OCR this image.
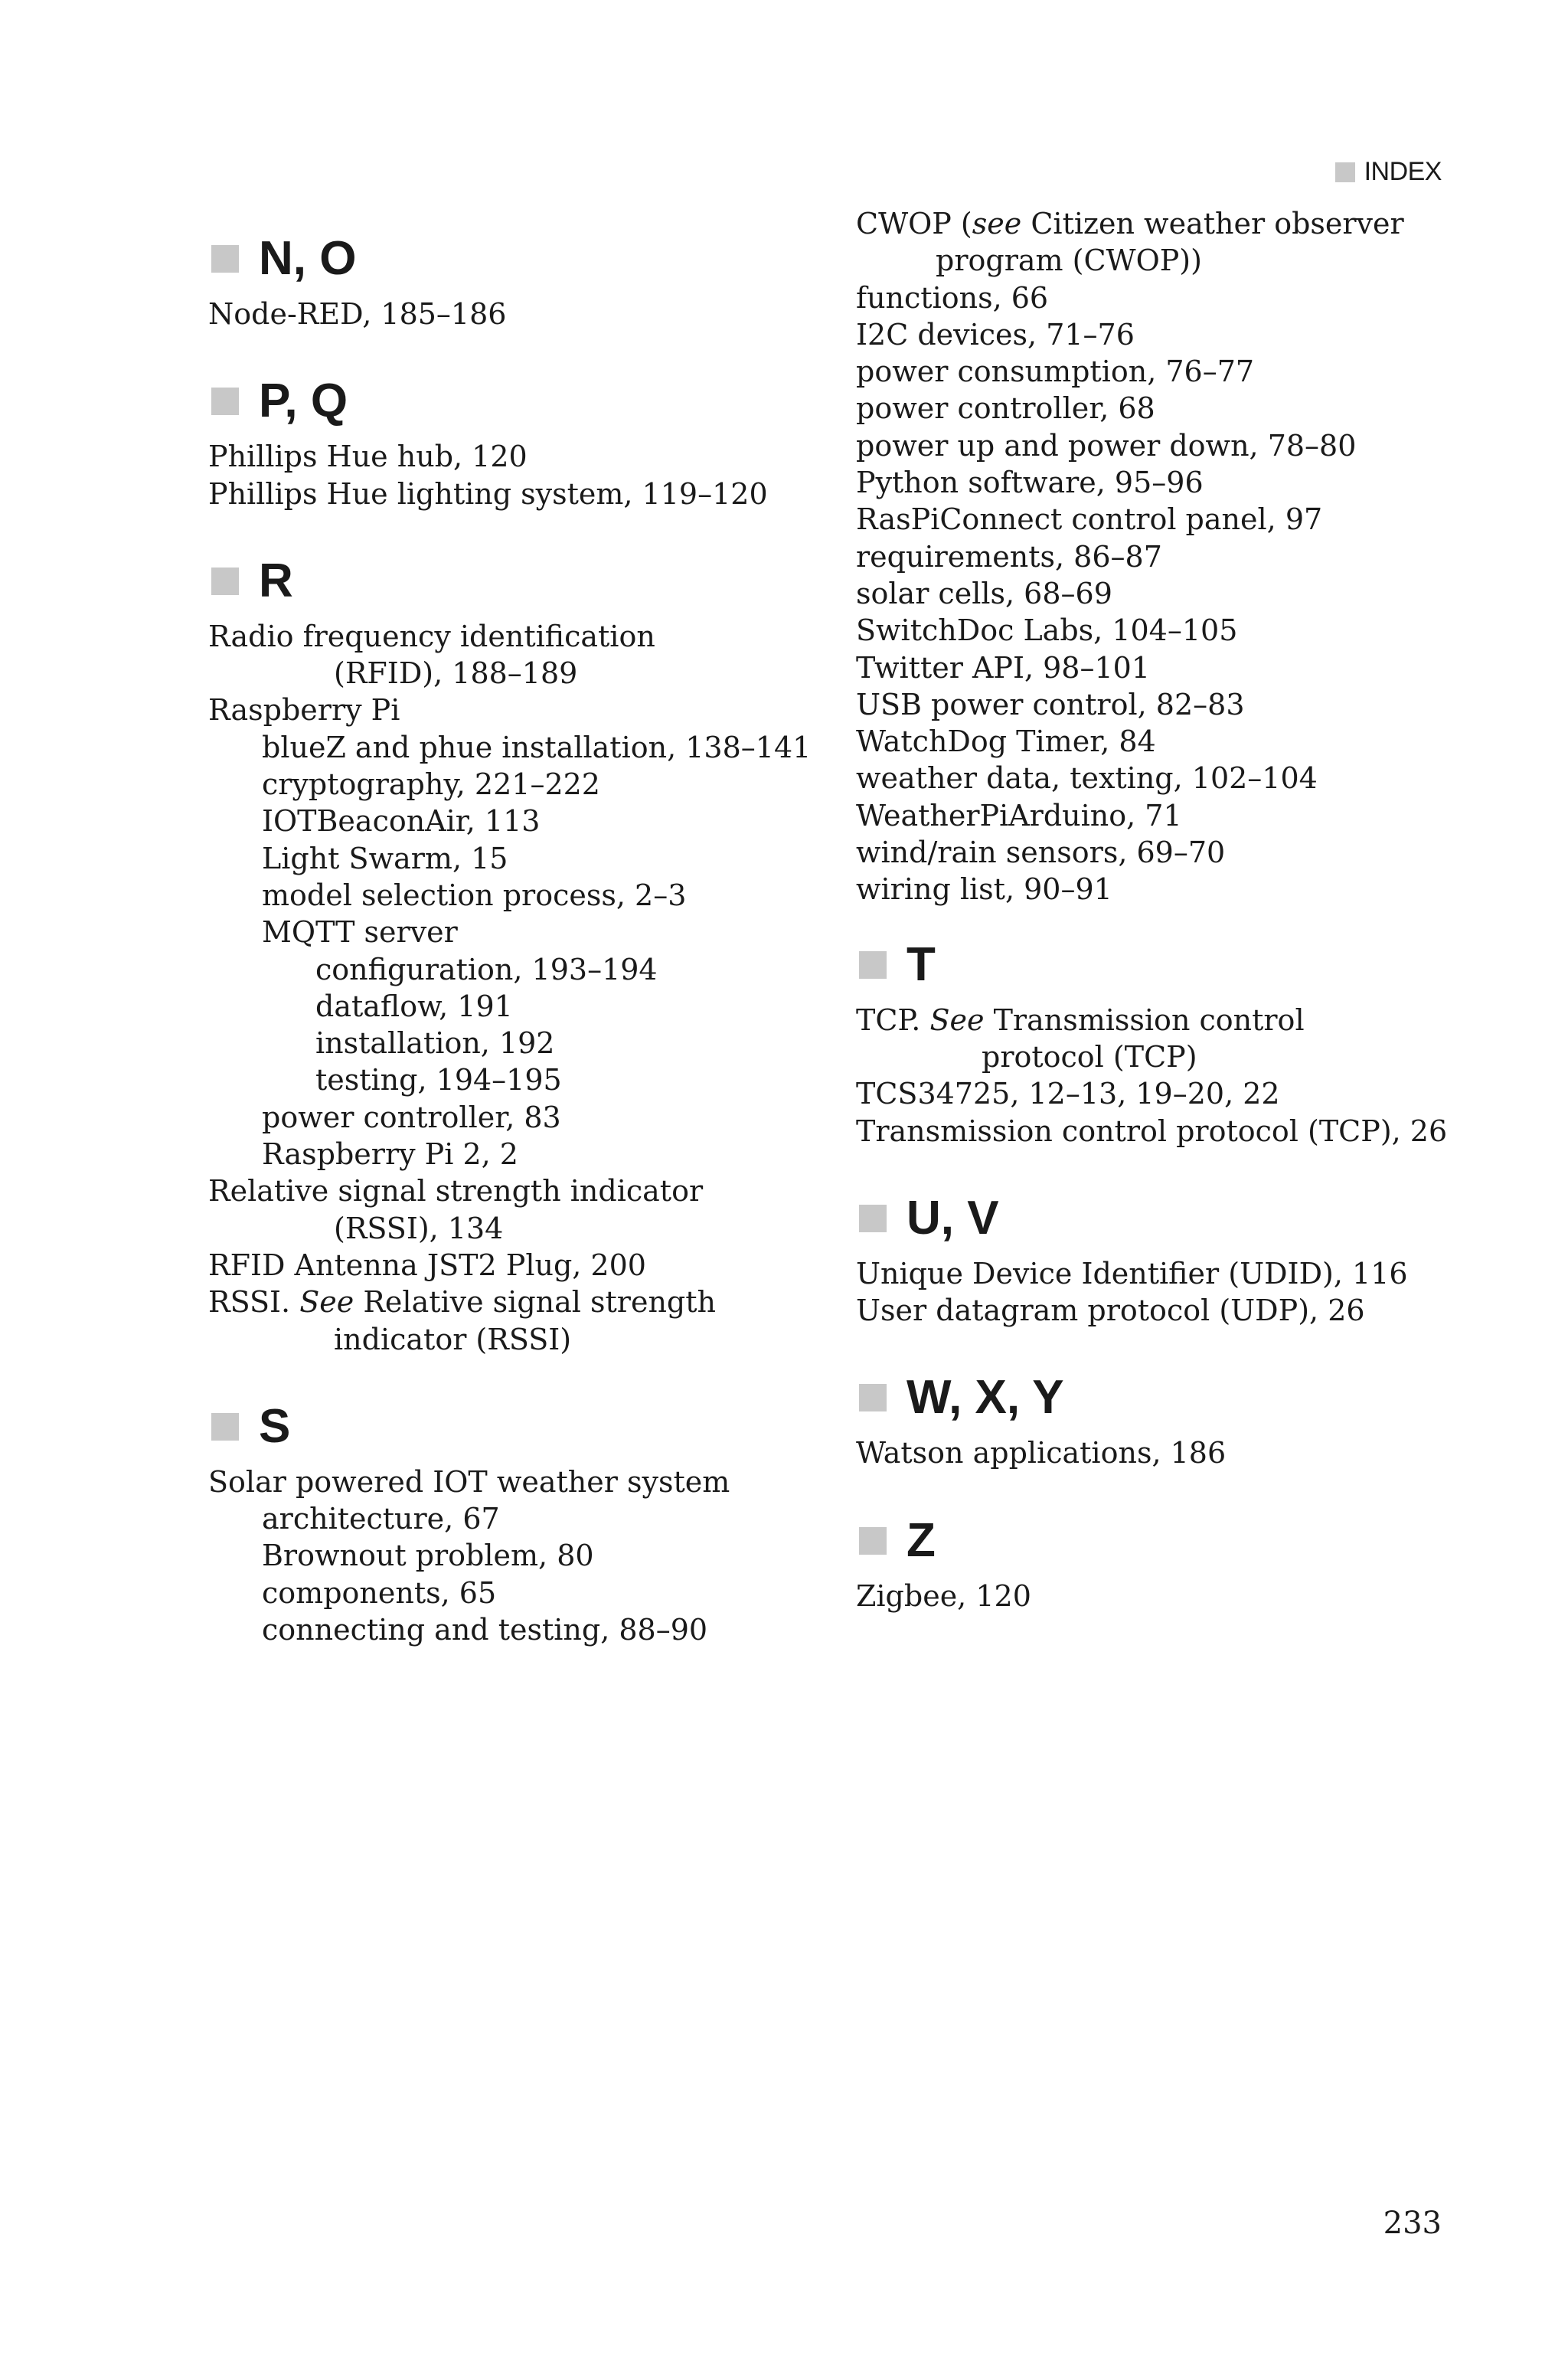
INDEX
N, O
Node-RED, 185–186
P, Q
Phillips Hue hub, 120
Phillips Hue lighting system, 119–120
R
Radio frequency identification
(RFID), 188–189
Raspberry Pi
blueZ and phue installation, 138–141
cryptography, 221–222
IOTBeaconAir, 113
Light Swarm, 15
model selection process, 2–3
MQTT server
configuration, 193–194
dataflow, 191
installation, 192
testing, 194–195
power controller, 83
Raspberry Pi 2, 2
Relative signal strength indicator
(RSSI), 134
RFID Antenna JST2 Plug, 200
RSSI. See Relative signal strength
indicator (RSSI)
S
Solar powered IOT weather system
architecture, 67
Brownout problem, 80
components, 65
connecting and testing, 88–90
CWOP (see Citizen weather observer
program (CWOP))
functions, 66
I2C devices, 71–76
power consumption, 76–77
power controller, 68
power up and power down, 78–80
Python software, 95–96
RasPiConnect control panel, 97
requirements, 86–87
solar cells, 68–69
SwitchDoc Labs, 104–105
Twitter API, 98–101
USB power control, 82–83
WatchDog Timer, 84
weather data, texting, 102–104
WeatherPiArduino, 71
wind/rain sensors, 69–70
wiring list, 90–91
T
TCP. See Transmission control
protocol (TCP)
TCS34725, 12–13, 19–20, 22
Transmission control protocol (TCP), 26
U, V
Unique Device Identifier (UDID), 116
User datagram protocol (UDP), 26
W, X, Y
Watson applications, 186
Z
Zigbee, 120
233
